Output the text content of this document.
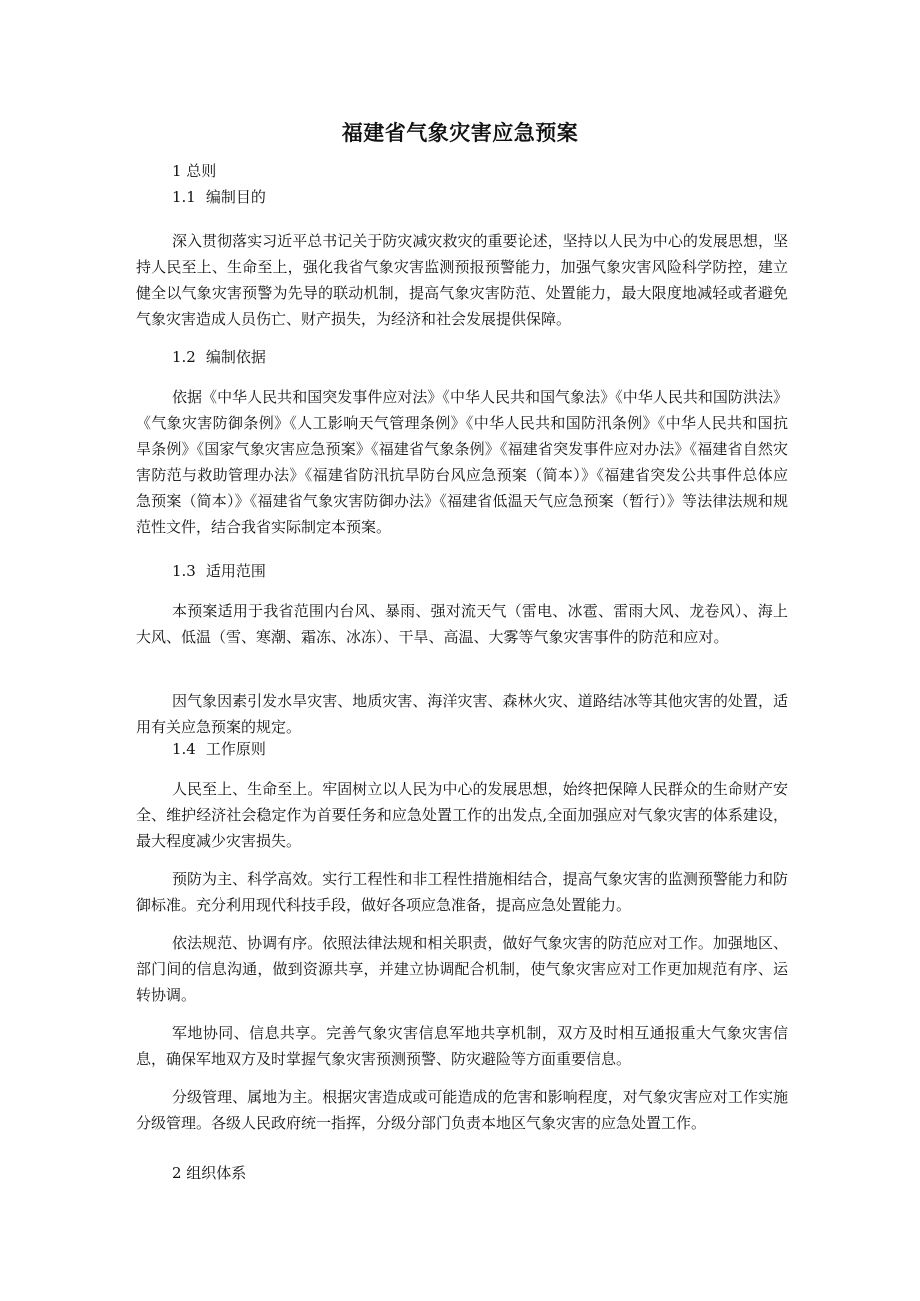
福建省气象灾害应急预案
1 总则
1.1 编制目的
深入贯彻落实习近平总书记关于防灾减灾救灾的重要论述，坚持以人民为中心的发展思想，坚持人民至上、生命至上，强化我省气象灾害监测预报预警能力，加强气象灾害风险科学防控，建立健全以气象灾害预警为先导的联动机制，提高气象灾害防范、处置能力，最大限度地减轻或者避免气象灾害造成人员伤亡、财产损失，为经济和社会发展提供保障。
1.2 编制依据
依据《中华人民共和国突发事件应对法》《中华人民共和国气象法》《中华人民共和国防洪法》《气象灾害防御条例》《人工影响天气管理条例》《中华人民共和国防汛条例》《中华人民共和国抗旱条例》《国家气象灾害应急预案》《福建省气象条例》《福建省突发事件应对办法》《福建省自然灾害防范与救助管理办法》《福建省防汛抗旱防台风应急预案（简本）》《福建省突发公共事件总体应急预案（简本）》《福建省气象灾害防御办法》《福建省低温天气应急预案（暂行）》等法律法规和规范性文件，结合我省实际制定本预案。
1.3 适用范围
本预案适用于我省范围内台风、暴雨、强对流天气（雷电、冰雹、雷雨大风、龙卷风）、海上大风、低温（雪、寒潮、霜冻、冰冻）、干旱、高温、大雾等气象灾害事件的防范和应对。
因气象因素引发水旱灾害、地质灾害、海洋灾害、森林火灾、道路结冰等其他灾害的处置，适用有关应急预案的规定。
1.4 工作原则
人民至上、生命至上。牢固树立以人民为中心的发展思想，始终把保障人民群众的生命财产安全、维护经济社会稳定作为首要任务和应急处置工作的出发点,全面加强应对气象灾害的体系建设，最大程度减少灾害损失。
预防为主、科学高效。实行工程性和非工程性措施相结合，提高气象灾害的监测预警能力和防御标准。充分利用现代科技手段，做好各项应急准备，提高应急处置能力。
依法规范、协调有序。依照法律法规和相关职责，做好气象灾害的防范应对工作。加强地区、部门间的信息沟通，做到资源共享，并建立协调配合机制，使气象灾害应对工作更加规范有序、运转协调。
军地协同、信息共享。完善气象灾害信息军地共享机制，双方及时相互通报重大气象灾害信息，确保军地双方及时掌握气象灾害预测预警、防灾避险等方面重要信息。
分级管理、属地为主。根据灾害造成或可能造成的危害和影响程度，对气象灾害应对工作实施分级管理。各级人民政府统一指挥，分级分部门负责本地区气象灾害的应急处置工作。
2 组织体系
